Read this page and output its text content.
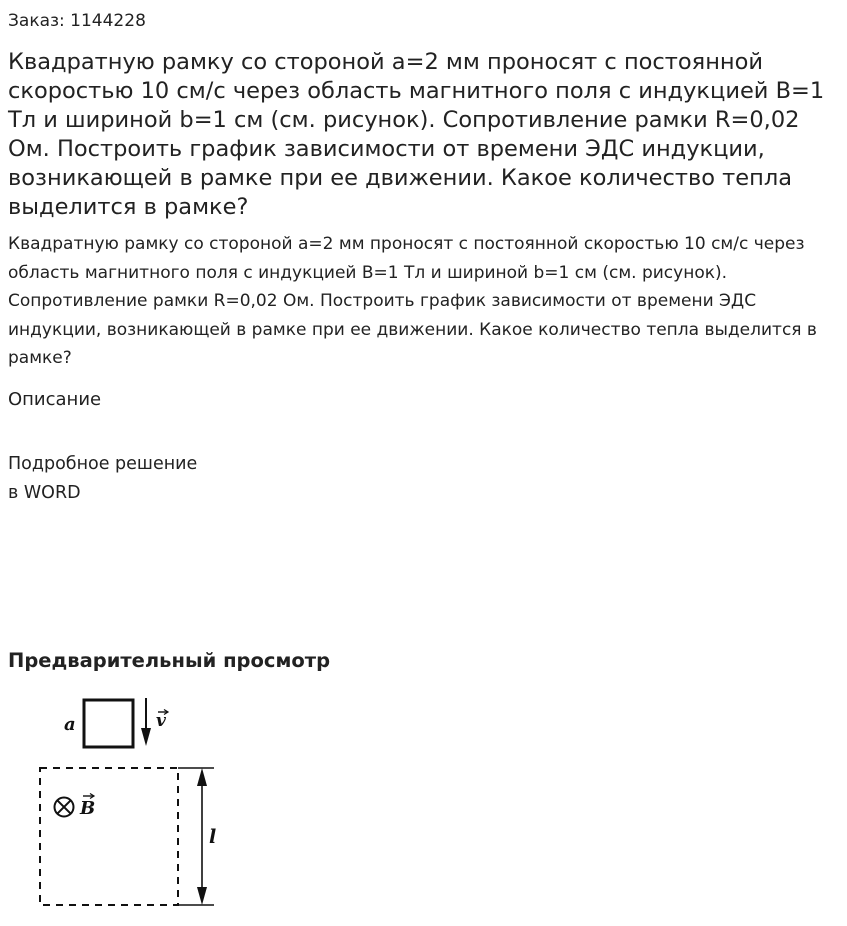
Заказ: 1144228
Квадратную рамку со стороной a=2 мм проносят с постоянной скоростью 10 см/с через область магнитного поля с индукцией B=1 Тл и шириной b=1 см (см. рисунок). Сопротивление рамки R=0,02 Ом. Построить график зависимости от времени ЭДС индукции, возникающей в рамке при ее движении. Какое количество тепла выделится в рамке?

Квадратную рамку со стороной a=2 мм проносят с постоянной скоростью 10 см/с через область магнитного поля с индукцией B=1 Тл и шириной b=1 см (см. рисунок). Сопротивление рамки R=0,02 Ом. Построить график зависимости от времени ЭДС индукции, возникающей в рамке при ее движении. Какое количество тепла выделится в рамке?

Описание
Подробное решение
в WORD
Предварительный просмотр
a	v
B
l
